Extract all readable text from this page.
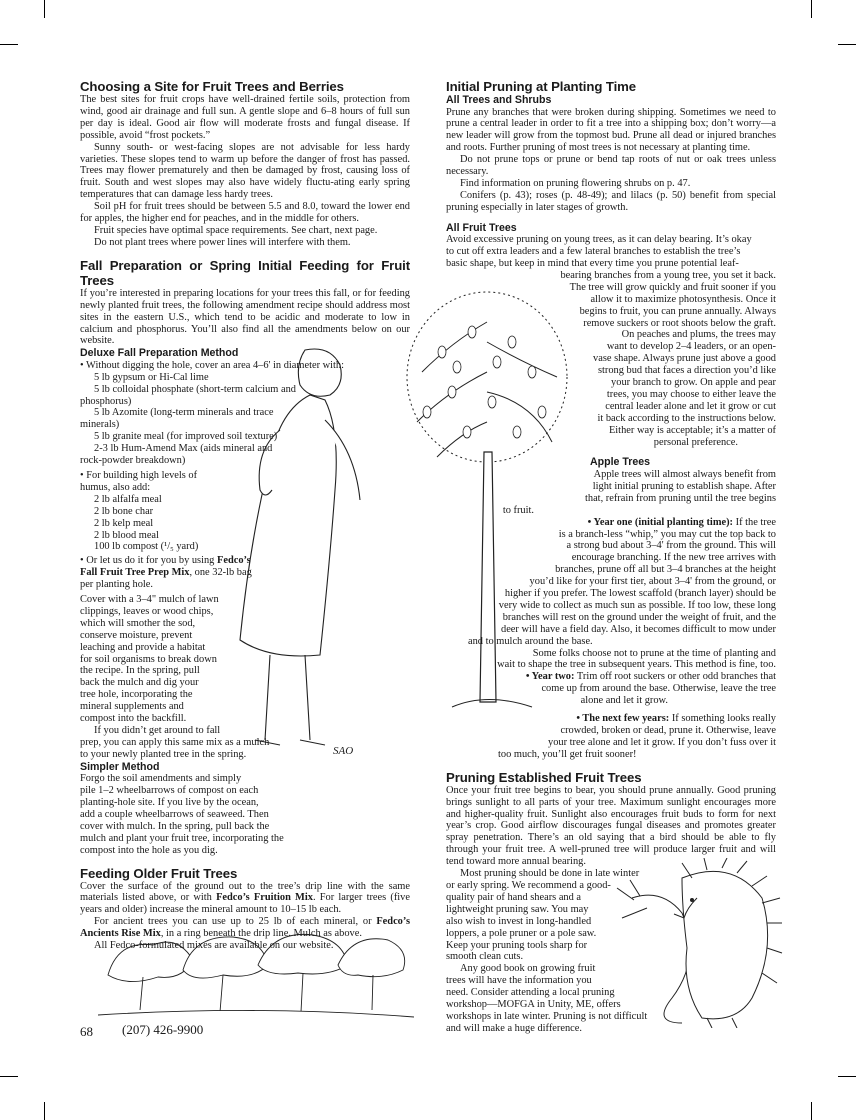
SAO
Choosing a Site for Fruit Trees and Berries

The best sites for fruit crops have well-drained fertile soils, protection from wind, good air drainage and full sun. A gentle slope and 6–8 hours of full sun per day is ideal. Good air flow will moderate frosts and fungal disease. If possible, avoid “frost pockets.”

Sunny south- or west-facing slopes are not advisable for less hardy varieties. These slopes tend to warm up before the danger of frost has passed. Trees may flower prematurely and then be damaged by frost, causing loss of fruit. South and west slopes may also have widely fluctu-ating early spring temperatures that can damage less hardy trees.

Soil pH for fruit trees should be between 5.5 and 8.0, toward the lower end for apples, the higher end for peaches, and in the middle for others.

Fruit species have optimal space requirements. See chart, next page.

Do not plant trees where power lines will interfere with them.

Fall Preparation or Spring Initial Feeding for Fruit Trees

If you’re interested in preparing locations for your trees this fall, or for feeding newly planted fruit trees, the following amendment recipe should address most sites in the eastern U.S., which tend to be acidic and moderate to low in calcium and phosphorus. You’ll also find all the amendments below on our website.

Deluxe Fall Preparation Method

• Without digging the hole, cover an area 4–6' in diameter with:

5 lb gypsum or Hi-Cal lime

5 lb colloidal phosphate (short-term calcium and

phosphorus)

5 lb Azomite (long-term minerals and trace

minerals)

5 lb granite meal (for improved soil texture)

2-3 lb Hum-Amend Max (aids mineral and

rock-powder breakdown)

• For building high levels of

humus, also add:

2 lb alfalfa meal

2 lb bone char

2 lb kelp meal

2 lb blood meal

100 lb compost (¹/₅ yard)

• Or let us do it for you by using Fedco’s

Fall Fruit Tree Prep Mix, one 32-lb bag

per planting hole.

Cover with a 3–4" mulch of lawn

clippings, leaves or wood chips,

which will smother the sod,

conserve moisture, prevent

leaching and provide a habitat

for soil organisms to break down

the recipe. In the spring, pull

back the mulch and dig your

tree hole, incorporating the

mineral supplements and

compost into the backfill.

If you didn’t get around to fall

prep, you can apply this same mix as a mulch

to your newly planted tree in the spring.

Simpler Method

Forgo the soil amendments and simply

pile 1–2 wheelbarrows of compost on each

planting-hole site. If you live by the ocean,

add a couple wheelbarrows of seaweed. Then

cover with mulch. In the spring, pull back the

mulch and plant your fruit tree, incorporating the

compost into the hole as you dig.

Feeding Older Fruit Trees

Cover the surface of the ground out to the tree’s drip line with the same materials listed above, or with Fedco’s Fruition Mix. For larger trees (five years and older) increase the mineral amount to 10–15 lb each.

For ancient trees you can use up to 25 lb of each mineral, or Fedco’s Ancients Rise Mix, in a ring beneath the drip line. Mulch as above.

All Fedco-formulated mixes are available on our website.

Initial Pruning at Planting Time
All Trees and Shrubs

Prune any branches that were broken during shipping. Sometimes we need to prune a central leader in order to fit a tree into a shipping box; don’t worry—a new leader will grow from the topmost bud. Prune all dead or injured branches and roots. Further pruning of most trees is not necessary at planting time.

Do not prune tops or prune or bend tap roots of nut or oak trees unless necessary.

Find information on pruning flowering shrubs on p. 47.

Conifers (p. 43); roses (p. 48-49); and lilacs (p. 50) benefit from special pruning especially in later stages of growth.

All Fruit Trees

Avoid excessive pruning on young trees, as it can delay bearing. It’s okay

to cut off extra leaders and a few lateral branches to establish the tree’s

basic shape, but keep in mind that every time you prune potential leaf-

bearing branches from a young tree, you set it back.

The tree will grow quickly and fruit sooner if you

allow it to maximize photosynthesis. Once it

begins to fruit, you can prune annually. Always

remove suckers or root shoots below the graft.

On peaches and plums, the trees may

want to develop 2–4 leaders, or an open-

vase shape. Always prune just above a good

strong bud that faces a direction you’d like

your branch to grow. On apple and pear

trees, you may choose to either leave the

central leader alone and let it grow or cut

it back according to the instructions below.

Either way is acceptable; it’s a matter of

personal preference.

Apple Trees

Apple trees will almost always benefit from

light initial pruning to establish shape. After

that, refrain from pruning until the tree begins

to fruit.

• Year one (initial planting time): If the tree

is a branch-less “whip,” you may cut the top back to

a strong bud about 3–4' from the ground. This will

encourage branching. If the new tree arrives with

branches, prune off all but 3–4 branches at the height

you’d like for your first tier, about 3–4' from the ground, or

higher if you prefer. The lowest scaffold (branch layer) should be

very wide to collect as much sun as possible. If too low, these long

branches will rest on the ground under the weight of fruit, and the

deer will have a field day. Also, it becomes difficult to mow under

and to mulch around the base.

Some folks choose not to prune at the time of planting and

wait to shape the tree in subsequent years. This method is fine, too.

• Year two: Trim off root suckers or other odd branches that

come up from around the base. Otherwise, leave the tree

alone and let it grow.

• The next few years: If something looks really

crowded, broken or dead, prune it. Otherwise, leave

your tree alone and let it grow. If you don’t fuss over it

too much, you’ll get fruit sooner!

Pruning Established Fruit Trees

Once your fruit tree begins to bear, you should prune annually. Good pruning brings sunlight to all parts of your tree. Maximum sunlight encourages more and higher-quality fruit. Sunlight also encourages fruit buds to form for next year’s crop. Good airflow discourages fungal diseases and promotes greater spray penetration. There’s an old saying that a bird should be able to fly through your fruit tree. A well-pruned tree will produce larger fruit and will tend toward more annual bearing.

Most pruning should be done in late winter

or early spring. We recommend a good-

quality pair of hand shears and a

lightweight pruning saw. You may

also wish to invest in long-handled

loppers, a pole pruner or a pole saw.

Keep your pruning tools sharp for

smooth clean cuts.

Any good book on growing fruit

trees will have the information you

need. Consider attending a local pruning

workshop—MOFGA in Unity, ME, offers

workshops in late winter. Pruning is not difficult

and will make a huge difference.

68 (207) 426-9900
